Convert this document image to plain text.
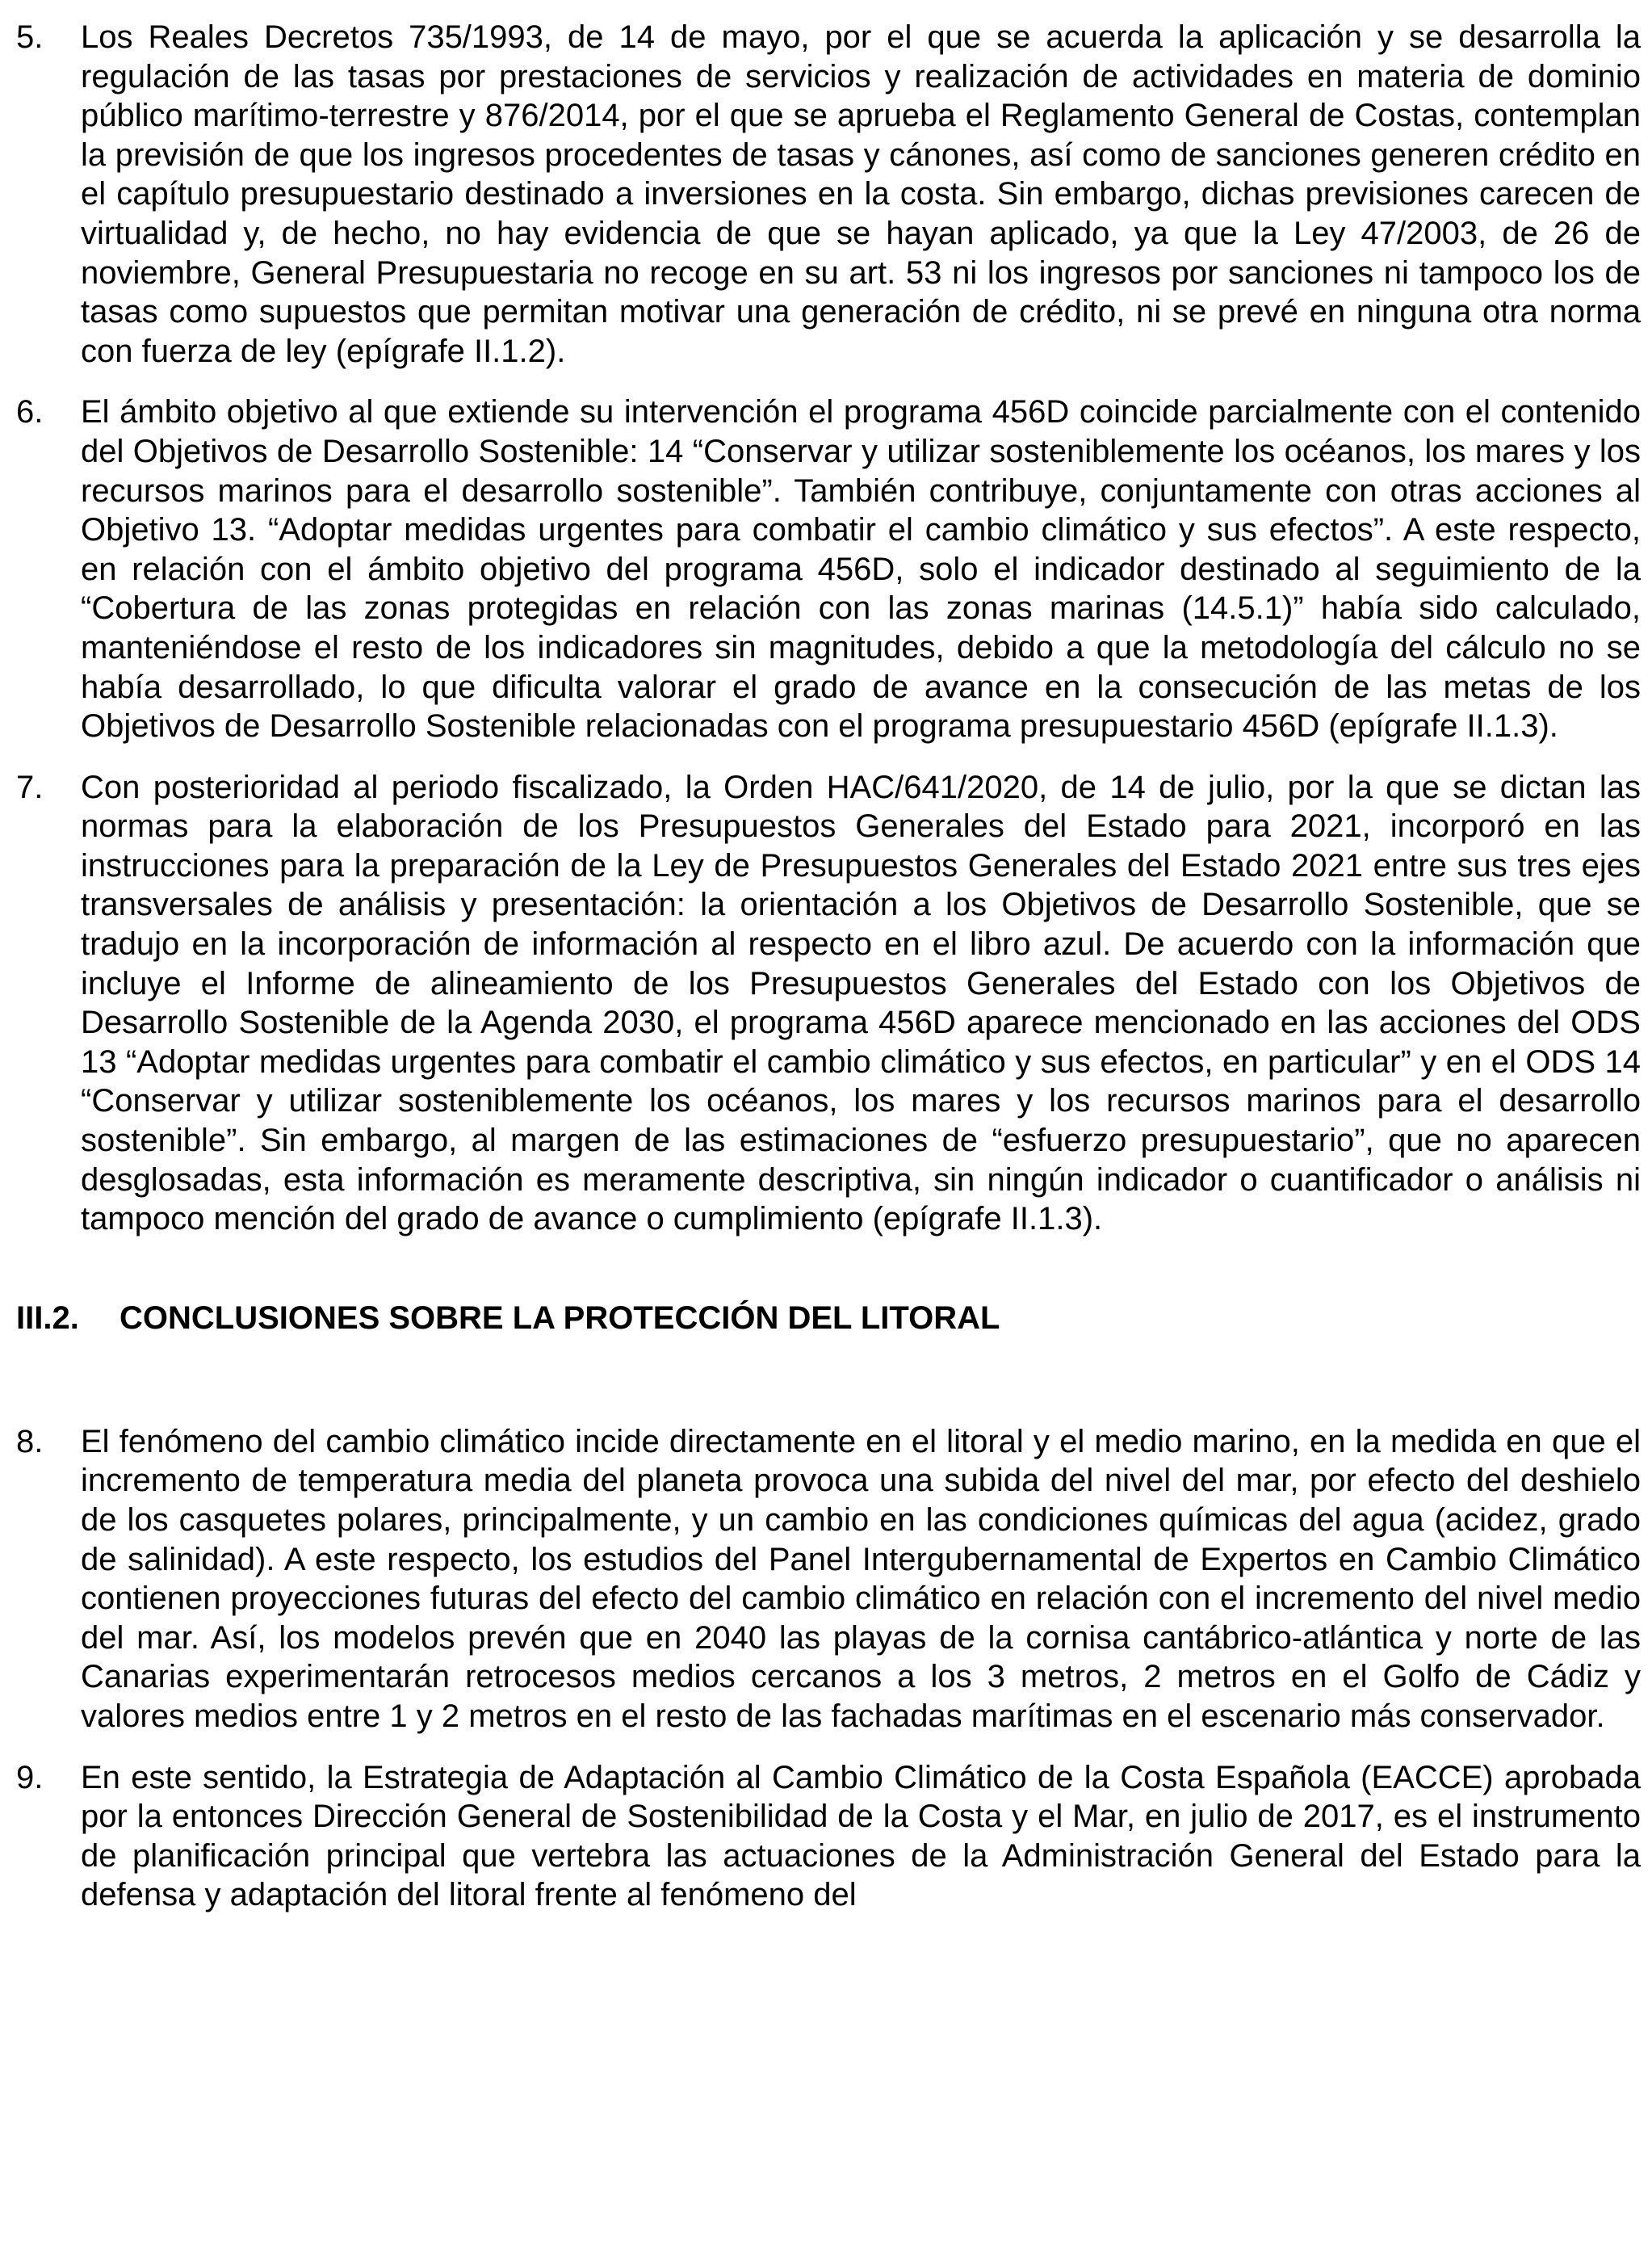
5.	Los Reales Decretos 735/1993, de 14 de mayo, por el que se acuerda la aplicación y se desarrolla la regulación de las tasas por prestaciones de servicios y realización de actividades en materia de dominio público marítimo-terrestre y 876/2014, por el que se aprueba el Reglamento General de Costas, contemplan la previsión de que los ingresos procedentes de tasas y cánones, así como de sanciones generen crédito en el capítulo presupuestario destinado a inversiones en la costa. Sin embargo, dichas previsiones carecen de virtualidad y, de hecho, no hay evidencia de que se hayan aplicado, ya que la Ley 47/2003, de 26 de noviembre, General Presupuestaria no recoge en su art. 53 ni los ingresos por sanciones ni tampoco los de tasas como supuestos que permitan motivar una generación de crédito, ni se prevé en ninguna otra norma con fuerza de ley (epígrafe II.1.2).
6.	El ámbito objetivo al que extiende su intervención el programa 456D coincide parcialmente con el contenido del Objetivos de Desarrollo Sostenible: 14 “Conservar y utilizar sosteniblemente los océanos, los mares y los recursos marinos para el desarrollo sostenible”. También contribuye, conjuntamente con otras acciones al Objetivo 13. “Adoptar medidas urgentes para combatir el cambio climático y sus efectos”. A este respecto, en relación con el ámbito objetivo del programa 456D, solo el indicador destinado al seguimiento de la “Cobertura de las zonas protegidas en relación con las zonas marinas (14.5.1)” había sido calculado, manteniéndose el resto de los indicadores sin magnitudes, debido a que la metodología del cálculo no se había desarrollado, lo que dificulta valorar el grado de avance en la consecución de las metas de los Objetivos de Desarrollo Sostenible relacionadas con el programa presupuestario 456D (epígrafe II.1.3).
7.	Con posterioridad al periodo fiscalizado, la Orden HAC/641/2020, de 14 de julio, por la que se dictan las normas para la elaboración de los Presupuestos Generales del Estado para 2021, incorporó en las instrucciones para la preparación de la Ley de Presupuestos Generales del Estado 2021 entre sus tres ejes transversales de análisis y presentación: la orientación a los Objetivos de Desarrollo Sostenible, que se tradujo en la incorporación de información al respecto en el libro azul. De acuerdo con la información que incluye el Informe de alineamiento de los Presupuestos Generales del Estado con los Objetivos de Desarrollo Sostenible de la Agenda 2030, el programa 456D aparece mencionado en las acciones del ODS 13 “Adoptar medidas urgentes para combatir el cambio climático y sus efectos, en particular” y en el ODS 14 “Conservar y utilizar sosteniblemente los océanos, los mares y los recursos marinos para el desarrollo sostenible”. Sin embargo, al margen de las estimaciones de “esfuerzo presupuestario”, que no aparecen desglosadas, esta información es meramente descriptiva, sin ningún indicador o cuantificador o análisis ni tampoco mención del grado de avance o cumplimiento (epígrafe II.1.3).
III.2.	CONCLUSIONES SOBRE LA PROTECCIÓN DEL LITORAL
8.	El fenómeno del cambio climático incide directamente en el litoral y el medio marino, en la medida en que el incremento de temperatura media del planeta provoca una subida del nivel del mar, por efecto del deshielo de los casquetes polares, principalmente, y un cambio en las condiciones químicas del agua (acidez, grado de salinidad). A este respecto, los estudios del Panel Intergubernamental de Expertos en Cambio Climático contienen proyecciones futuras del efecto del cambio climático en relación con el incremento del nivel medio del mar. Así, los modelos prevén que en 2040 las playas de la cornisa cantábrico-atlántica y norte de las Canarias experimentarán retrocesos medios cercanos a los 3 metros, 2 metros en el Golfo de Cádiz y valores medios entre 1 y 2 metros en el resto de las fachadas marítimas en el escenario más conservador.
9.	En este sentido, la Estrategia de Adaptación al Cambio Climático de la Costa Española (EACCE) aprobada por la entonces Dirección General de Sostenibilidad de la Costa y el Mar, en julio de 2017, es el instrumento de planificación principal que vertebra las actuaciones de la Administración General del Estado para la defensa y adaptación del litoral frente al fenómeno del
